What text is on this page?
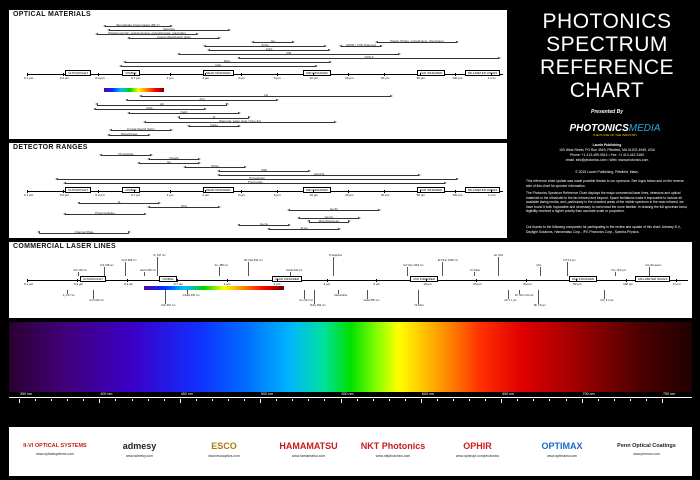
OPTICAL MATERIALS
CaF₂
BaF₂
KRS-5
KBr
AgCl
ZnSe
Ge
Fused silica/Quartz glass
Plastics (acrylic, optical styrene, polycarbonate, polyimide)
Sapphire
Borosilicate Crown Glass (BK-7)
Plastic (Teflon, polyethylene, Styrofoam)
HDPE / CVD Diamond
ULTRAVIOLET	VISIBLE	NEAR INFRARED	MID INFRARED	FAR INFRARED	MILLIMETER WAVES
0.1 µm	0.2 µm	0.4 µm	0.7 µm	1 µm	2 µm	3 µm	5 µm	10 µm	20 µm	30 µm	50 µm	100 µm	1 mm
CsI
KCl
LiF
MgF₂
NaCl
Si
Diamond, water clear (Type IIa)
GaAs
Crystal Quartz (SiO₂)
Silica/Infrasil
DETECTOR RANGES
Thermopile
Pyroelectric
HgCdTe
InSb
PbSe
Ge
InGaAs
Photodiode
ULTRAVIOLET	VISIBLE	NEAR INFRARED	MID INFRARED	FAR INFRARED	MILLIMETER WAVES
0.1 µm	0.2 µm	0.4 µm	0.7 µm	1 µm	2 µm	3 µm	5 µm	10 µm	20 µm	30 µm	50 µm	100 µm	1 mm
Si
PbS
Ge:Zn
Photomultiplier
Ge:Cu
Microbolometer
Ge:Au
Si:As
Channel Plate
COMMERCIAL LASER LINES
ArF 193 nm
KrF 248 nm
XeCl 308 nm
HeCd 325 nm
N₂ 337 nm
Ar+ 488 nm
Nd:YAG 532 nm
HeNe 633 nm
Ti:Sapphire
Nd:YAG 1064 nm
Er:Fiber 1550 nm
Tm:Fiber
Ho:YAG
QCL
CO 5.4 µm
CO₂ 10.6 µm
Far-IR Lasers
ULTRAVIOLET	VISIBLE	NEAR INFRARED	MID INFRARED	FAR INFRARED	MILLIMETER WAVES
0.1 µm	0.2 µm	0.4 µm	0.7 µm	1 µm	2 µm	3 µm	5 µm	10 µm	20 µm	30 µm	50 µm	100 µm	1 mm
F₂ 157 nm
KrCl 222 nm
XeF 351 nm
InGaN 405 nm
Kr+ 647 nm
Ruby 694 nm
Alexandrite
GaAs 850 nm
Yb:Fiber
Er:YAG 2.94 µm
HF 2.7 µm
DF 3.8 µm
CO₂ 9.4 µm
PHOTONICS
SPECTRUM
REFERENCE
CHART
Presented By
PHOTONICSMEDIA
THE PULSE OF THE INDUSTRY
Laurin Publishing
100 West Street, PO Box 4949, Pittsfield, MA 01202-4949, USA
Phone: +1 413-499-0514 • Fax: +1 413-442-3180
email: info@photonics.com • Web: www.photonics.com
© 2015 Laurin Publishing, Pittsfield, Mass.
This reference chart update was made possible thanks to our sponsors. See logos below and on the reverse side of this chart for sponsor information.
The Photonics Spectrum Reference Chart displays the major commercial laser lines, detectors and optical materials in the ultraviolet to the far-infrared and beyond. Space limitations make it impossible to include all available lasing media, and, particularly in the crowded areas of the visible spectrum in the near-infrared, we have found it both impossible and necessary to overcrowd the more familiar. In drawing the full spectrum band, legibility received a higher priority than accurate scale or proportion.
Our thanks to the following companies for participating in the review and update of this chart: Admesy B.V., Daylight Solutions, Hamamatsu Corp., IPG Photonics Corp., Spectra-Physics.
350 nm	400 nm	450 nm	500 nm	550 nm	600 nm	650 nm	700 nm	750 nm
II-VI OPTICAL SYSTEMS
www.opticalsystems.com
admesy
www.admesy.com
ESCO
www.escooptics.com
HAMAMATSU
www.hamamatsu.com
NKT Photonics
www.nktphotonics.com
OPHIR
www.ophiropt.com/photonics
OPTIMAX
www.optimaxsi.com
Penn Optical Coatings
www.pennoc.com
